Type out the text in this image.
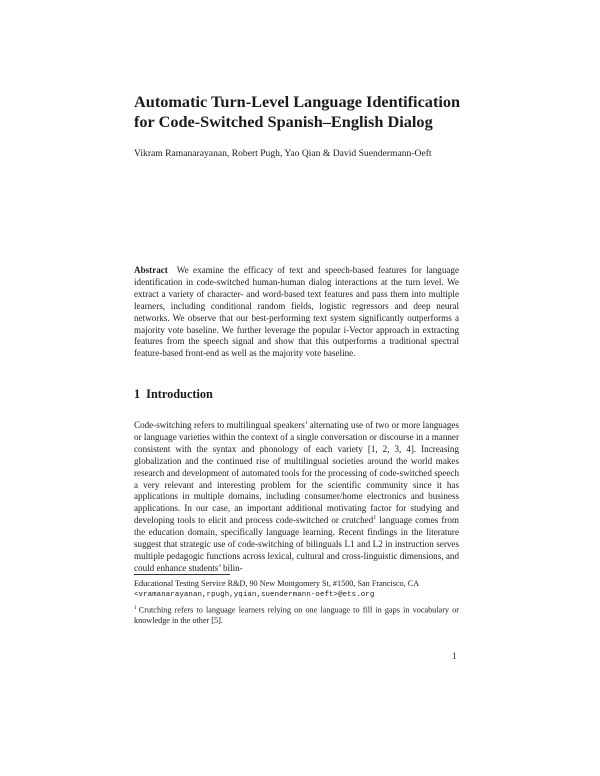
Automatic Turn-Level Language Identification
for Code-Switched Spanish–English Dialog

Vikram Ramanarayanan, Robert Pugh, Yao Qian & David Suendermann-Oeft

Abstract We examine the efficacy of text and speech-based features for language identification in code-switched human-human dialog interactions at the turn level. We extract a variety of character- and word-based text features and pass them into multiple learners, including conditional random fields, logistic regressors and deep neural networks. We observe that our best-performing text system significantly outperforms a majority vote baseline. We further leverage the popular i-Vector approach in extracting features from the speech signal and show that this outperforms a traditional spectral feature-based front-end as well as the majority vote baseline.

1 Introduction

Code-switching refers to multilingual speakers’ alternating use of two or more languages or language varieties within the context of a single conversation or discourse in a manner consistent with the syntax and phonology of each variety [1, 2, 3, 4]. Increasing globalization and the continued rise of multilingual societies around the world makes research and development of automated tools for the processing of code-switched speech a very relevant and interesting problem for the scientific community since it has applications in multiple domains, including consumer/home electronics and business applications. In our case, an important additional motivating factor for studying and developing tools to elicit and process code-switched or crutched$^1$ language comes from the education domain, specifically language learning. Recent findings in the literature suggest that strategic use of code-switching of bilinguals L1 and L2 in instruction serves multiple pedagogic functions across lexical, cultural and cross-linguistic dimensions, and could enhance students’ bilin-

Educational Testing Service R&D, 90 New Montgomery St, #1500, San Francisco, CA
<vramanarayanan,rpugh,yqian,suendermann-oeft>@ets.org

$^1$ Crutching refers to language learners relying on one language to fill in gaps in vocabulary or knowledge in the other [5].

1
